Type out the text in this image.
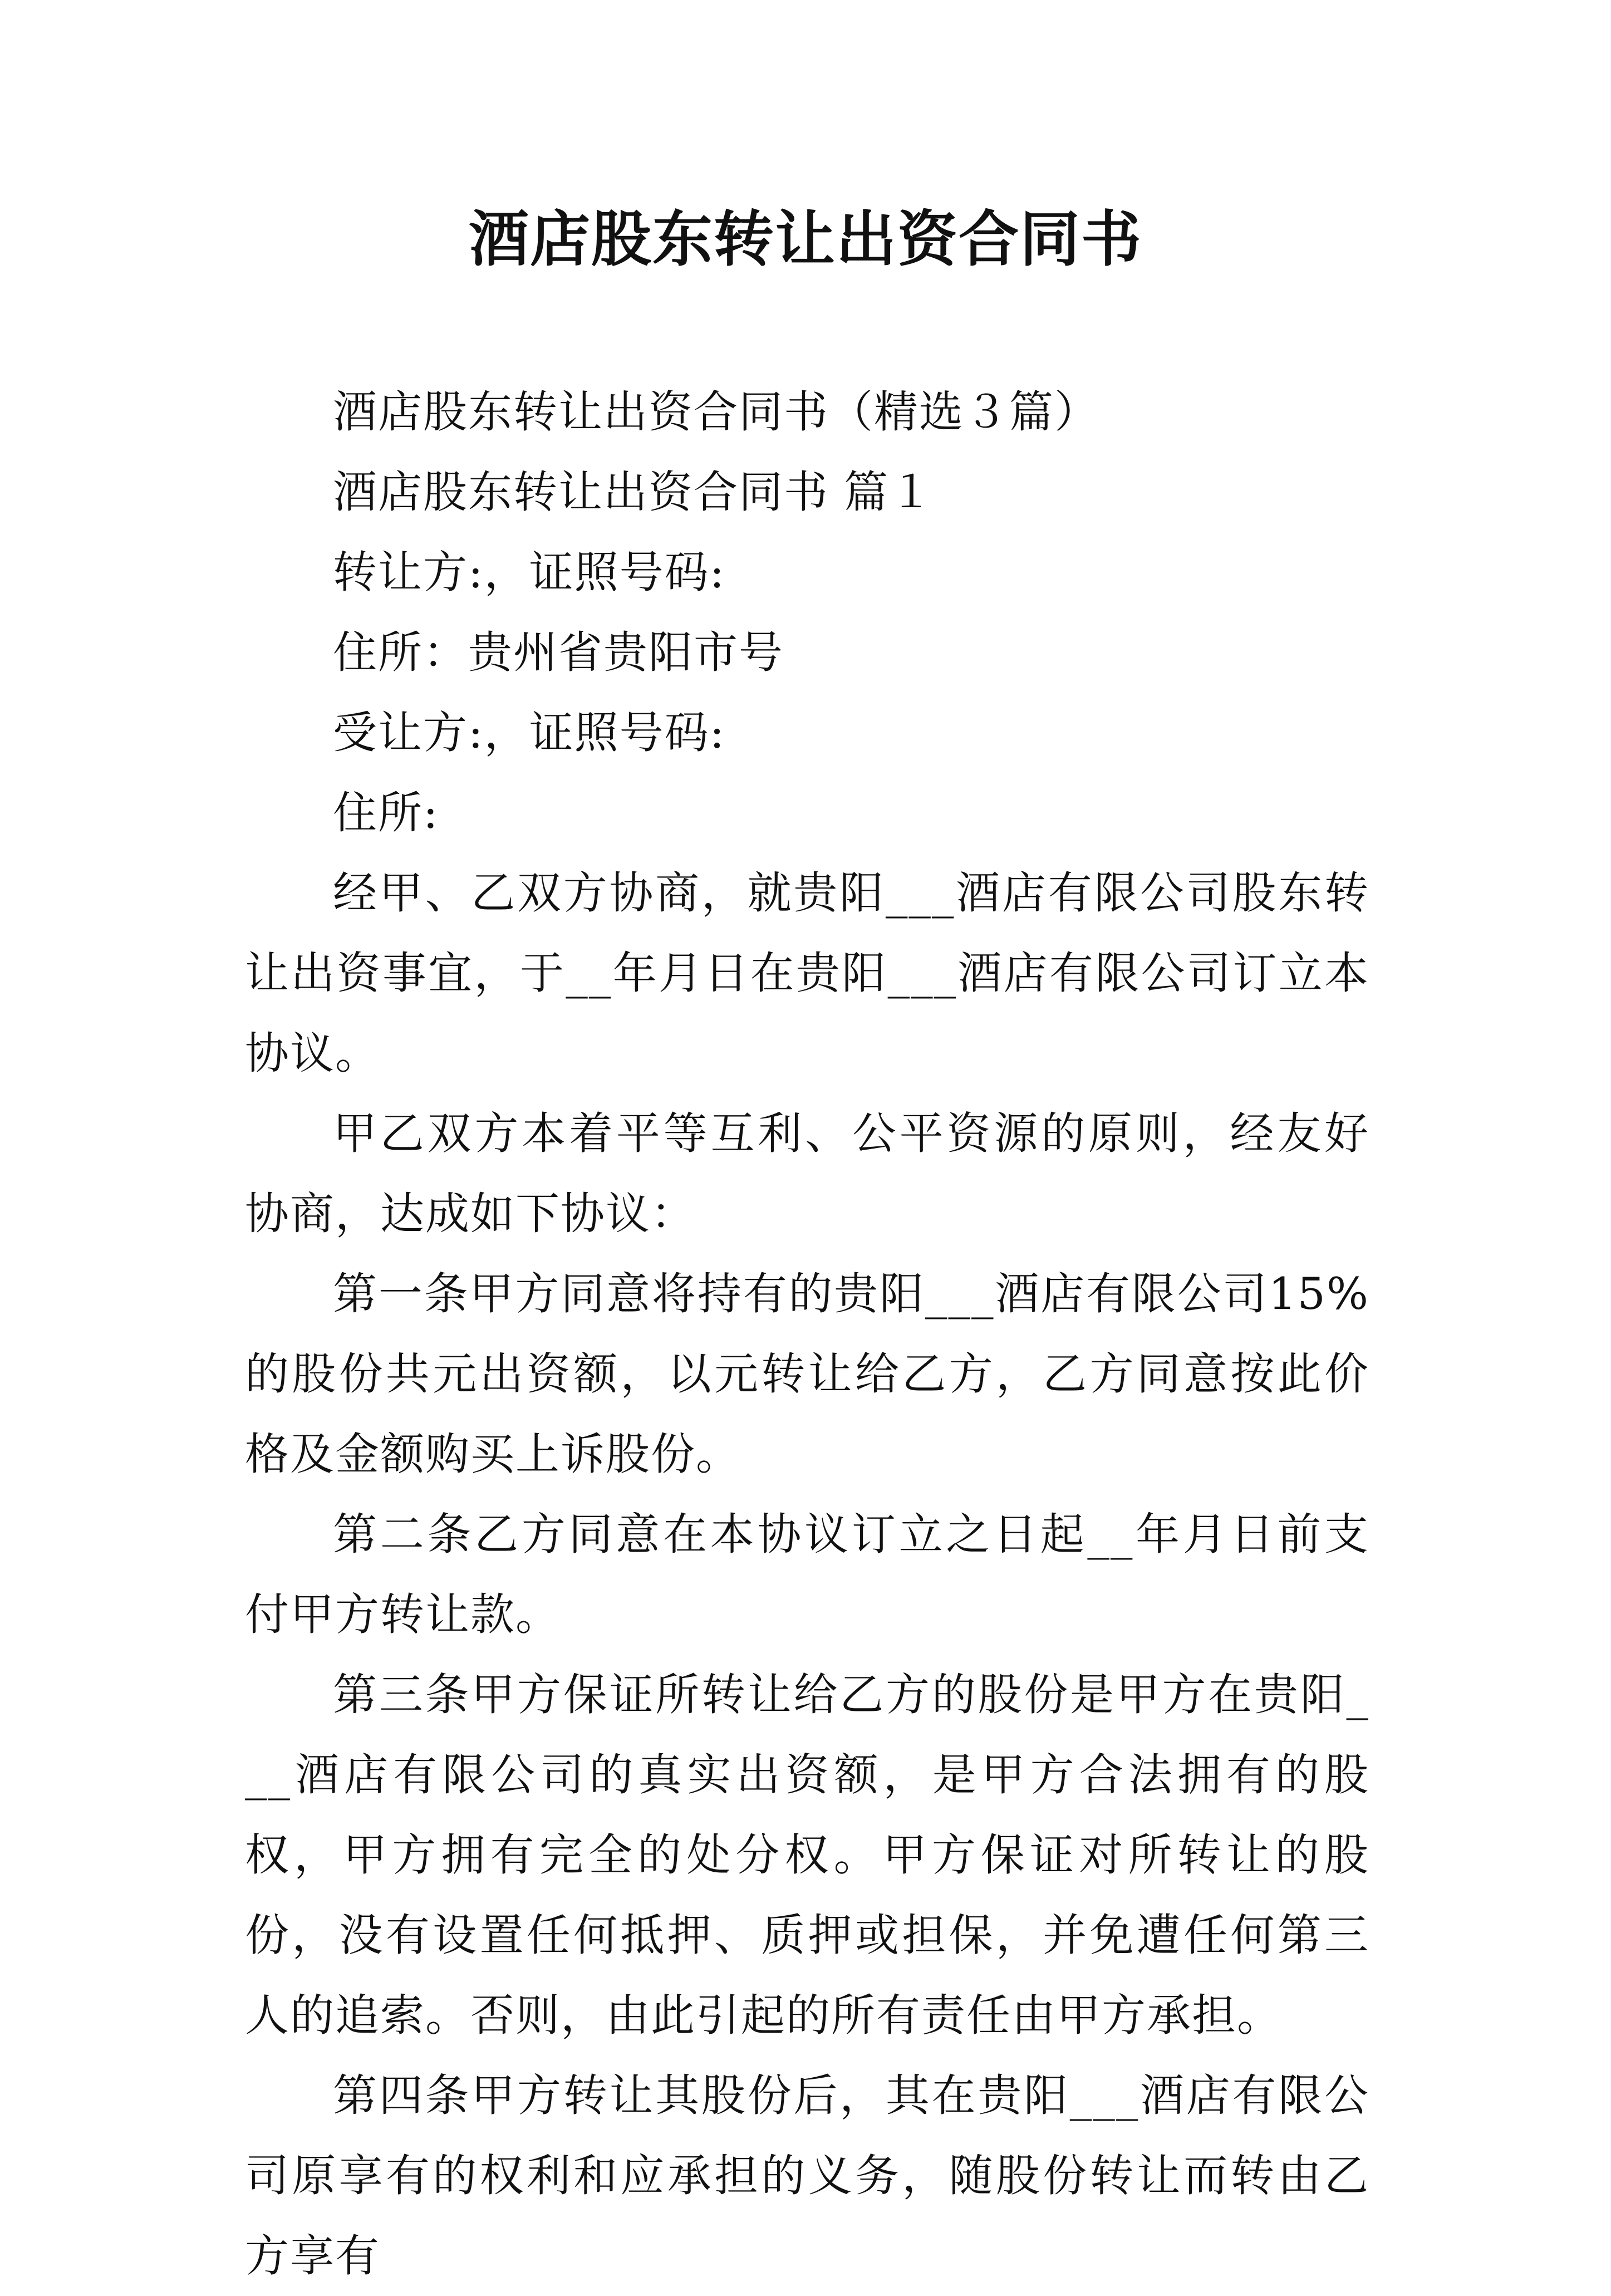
酒店股东转让出资合同书

酒店股东转让出资合同书（精选３篇）

酒店股东转让出资合同书 篇１

转让方:，证照号码:

住所：贵州省贵阳市号

受让方:，证照号码:

住所:

经甲、乙双方协商，就贵阳___酒店有限公司股东转让出资事宜，于__年月日在贵阳___酒店有限公司订立本协议。

甲乙双方本着平等互利、公平资源的原则，经友好协商，达成如下协议：

第一条甲方同意将持有的贵阳___酒店有限公司15%的股份共元出资额，以元转让给乙方，乙方同意按此价格及金额购买上诉股份。

第二条乙方同意在本协议订立之日起__年月日前支付甲方转让款。

第三条甲方保证所转让给乙方的股份是甲方在贵阳___酒店有限公司的真实出资额，是甲方合法拥有的股权，甲方拥有完全的处分权。甲方保证对所转让的股份，没有设置任何抵押、质押或担保，并免遭任何第三人的追索。否则，由此引起的所有责任由甲方承担。

第四条甲方转让其股份后，其在贵阳___酒店有限公司原享有的权利和应承担的义务，随股份转让而转由乙方享有
